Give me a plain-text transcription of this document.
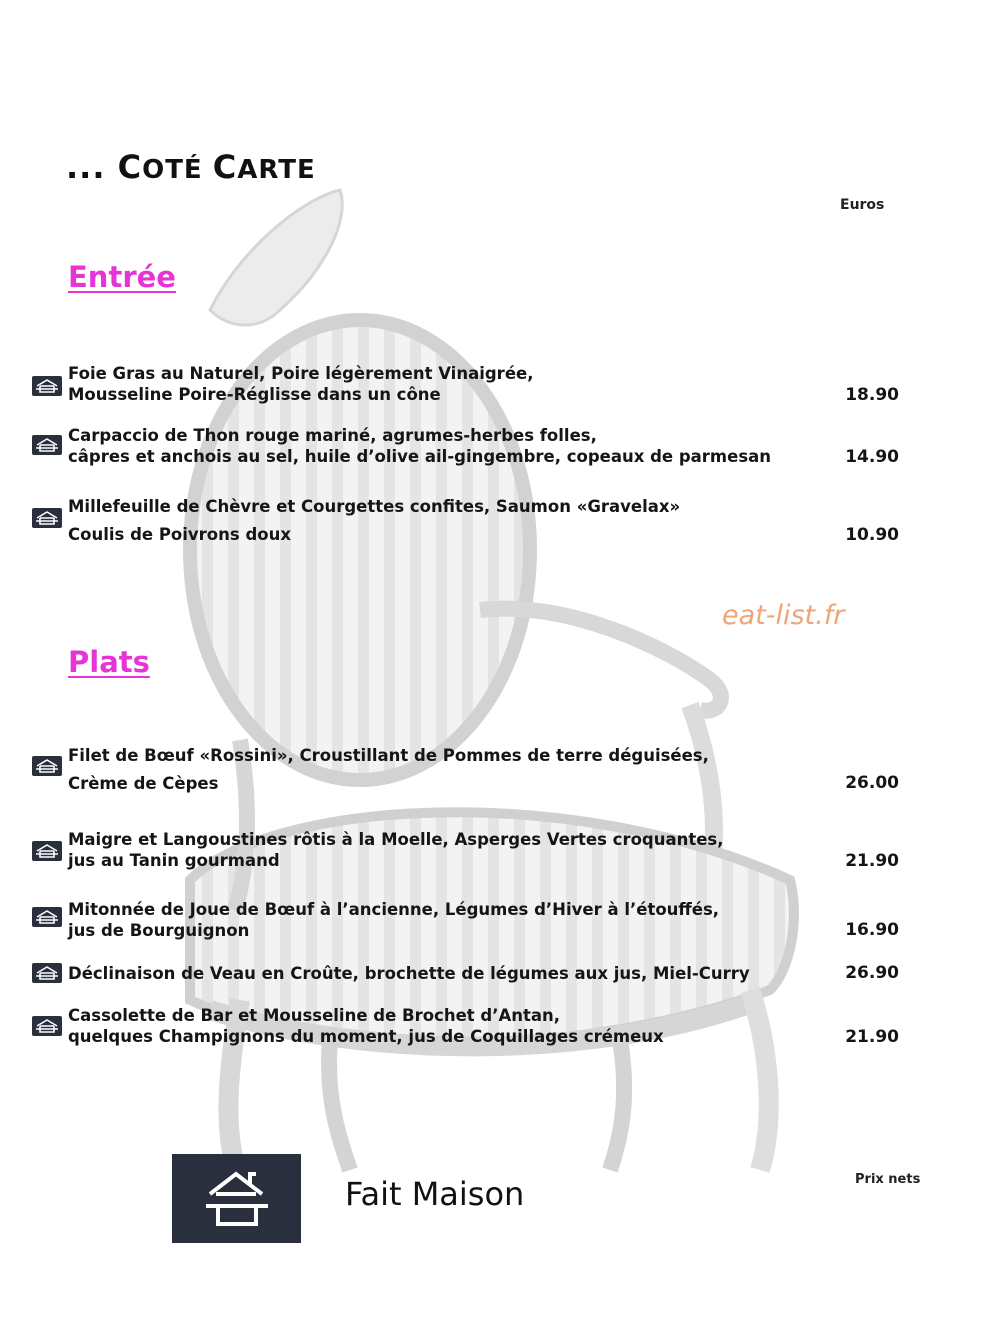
... COTÉ CARTE
Euros
Entrée
Foie Gras au Naturel, Poire légèrement Vinaigrée,
Mousseline Poire-Réglisse dans un cône	18.90
Carpaccio de Thon rouge mariné, agrumes-herbes folles,
câpres et anchois au sel, huile d’olive ail-gingembre, copeaux de parmesan	14.90
Millefeuille de Chèvre et Courgettes confites, Saumon «Gravelax»
Coulis de Poivrons doux	10.90
eat-list.fr
Plats
Filet de Bœuf «Rossini», Croustillant de Pommes de terre déguisées,
Crème de Cèpes	26.00
Maigre et Langoustines rôtis à la Moelle, Asperges Vertes croquantes,
jus au Tanin gourmand	21.90
Mitonnée de Joue de Bœuf à l’ancienne, Légumes d’Hiver à l’étouffés,
jus de Bourguignon	16.90
Déclinaison de Veau en Croûte, brochette de légumes aux jus, Miel-Curry	26.90
Cassolette de Bar et Mousseline de Brochet d’Antan,
quelques Champignons du moment, jus de Coquillages crémeux	21.90
Fait Maison	Prix nets
